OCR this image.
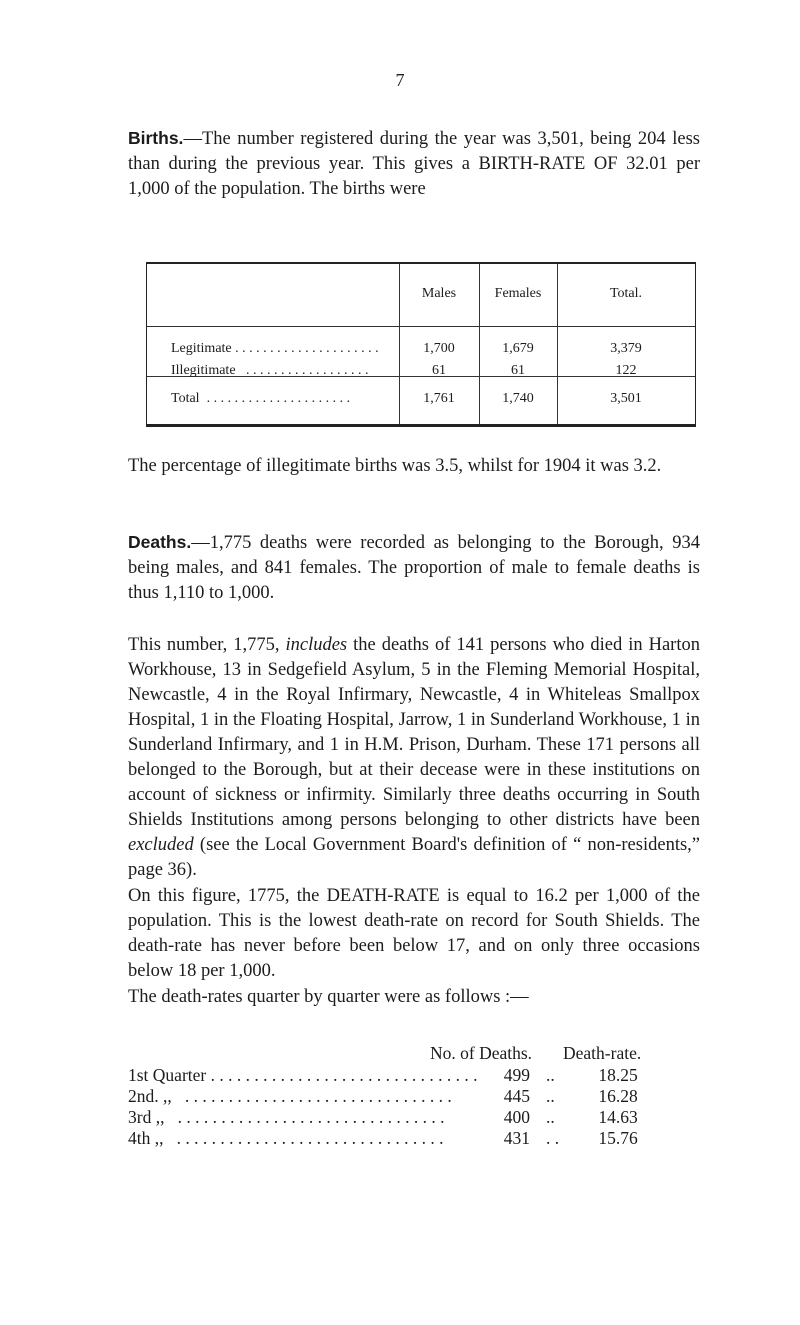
7

Births.—The number registered during the year was 3,501, being 204 less than during the previous year. This gives a BIRTH-RATE OF 32.01 per 1,000 of the population. The births were

Males	Females	Total.
Legitimate . . . . . . . . . . . . . . . . . . . . .	1,700	1,679	3,379
Illegitimate   . . . . . . . . . . . . . . . . . .	61	61	122
Total  . . . . . . . . . . . . . . . . . . . . .	1,761	1,740	3,501

The percentage of illegitimate births was 3.5, whilst for 1904 it was 3.2.

Deaths.—1,775 deaths were recorded as belonging to the Borough, 934 being males, and 841 females. The proportion of male to female deaths is thus 1,110 to 1,000.

This number, 1,775, includes the deaths of 141 persons who died in Harton Workhouse, 13 in Sedgefield Asylum, 5 in the Fleming Memorial Hospital, Newcastle, 4 in the Royal Infirmary, Newcastle, 4 in Whiteleas Smallpox Hospital, 1 in the Floating Hospital, Jarrow, 1 in Sunderland Workhouse, 1 in Sunderland Infirmary, and 1 in H.M. Prison, Durham. These 171 persons all belonged to the Borough, but at their decease were in these institutions on account of sickness or infirmity. Similarly three deaths occurring in South Shields Institutions among persons belonging to other districts have been excluded (see the Local Government Board's definition of “ non-residents,” page 36).

On this figure, 1775, the DEATH-RATE is equal to 16.2 per 1,000 of the population. This is the lowest death-rate on record for South Shields. The death-rate has never before been below 17, and on only three occasions below 18 per 1,000.

The death-rates quarter by quarter were as follows :—

No. of Deaths. Death-rate.
1st Quarter . . . . . . . . . . . . . . . . . . . . . . . . . . . . . . .	499 ..	18.25
2nd. ,,   . . . . . . . . . . . . . . . . . . . . . . . . . . . . . . .	445 ..	16.28
3rd ,,   . . . . . . . . . . . . . . . . . . . . . . . . . . . . . . .	400 ..	14.63
4th ,,   . . . . . . . . . . . . . . . . . . . . . . . . . . . . . . .	431 . .	15.76
